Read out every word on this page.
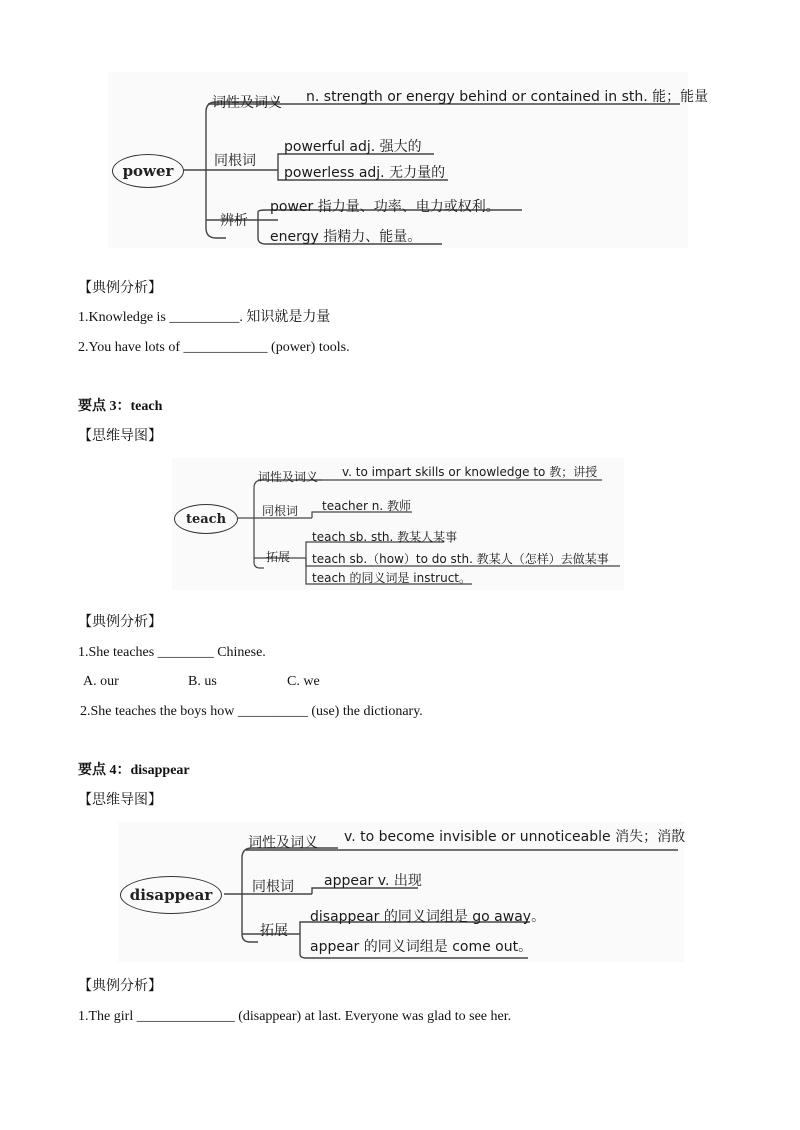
power
词性及词义 n. strength or energy behind or contained in sth. 能；能量
同根词
powerful adj. 强大的
powerless adj. 无力量的
辨析
power 指力量、功率、电力或权利。
energy 指精力、能量。
【典例分析】
1.Knowledge is __________. 知识就是力量
2.You have lots of ____________ (power) tools.
要点 3：teach
【思维导图】
teach
词性及词义 v. to impart skills or knowledge to 教；讲授
同根词 teacher n. 教师
拓展
teach sb. sth. 教某人某事
teach sb.（how）to do sth. 教某人（怎样）去做某事
teach 的同义词是 instruct。
【典例分析】
1.She teaches ________ Chinese.
A. our	B. us	C. we
2.She teaches the boys how __________ (use) the dictionary.
要点 4：disappear
【思维导图】
disappear
词性及词义 v. to become invisible or unnoticeable 消失；消散
同根词 appear v. 出现
拓展
disappear 的同义词组是 go away。
appear 的同义词组是 come out。
【典例分析】
1.The girl ______________ (disappear) at last. Everyone was glad to see her.
